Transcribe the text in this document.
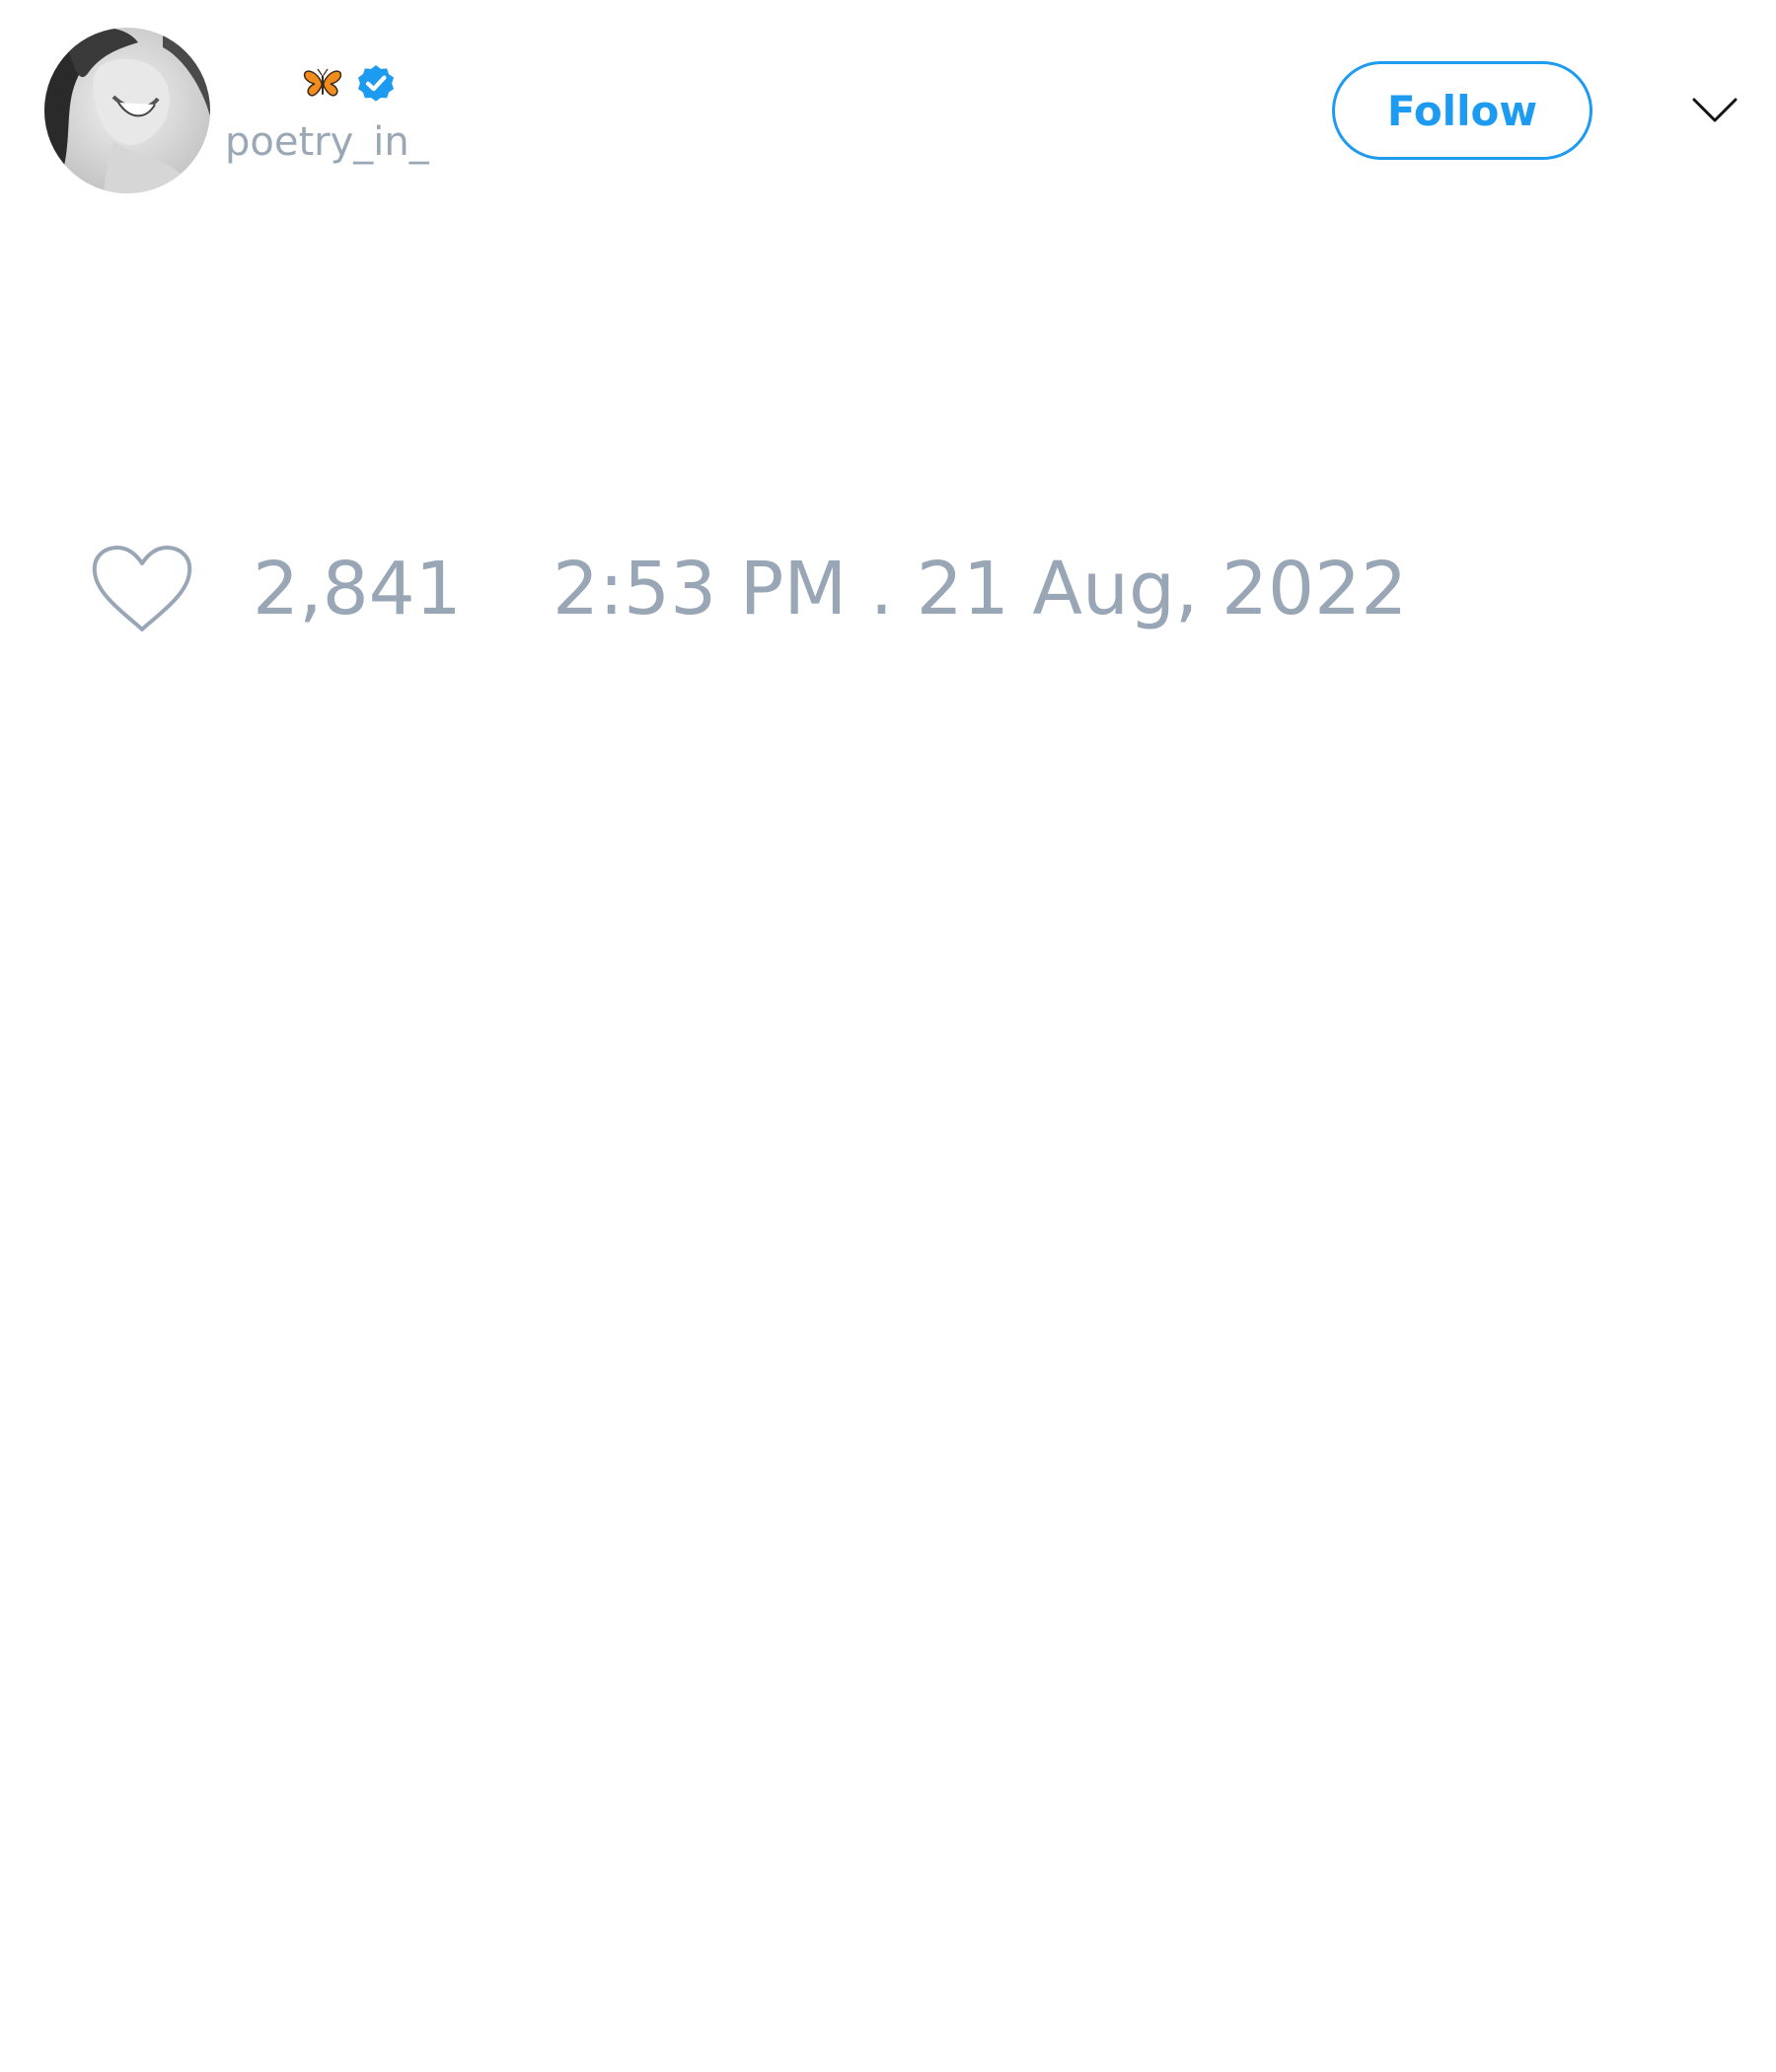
poetry_in_
Follow
2,841 2:53 PM . 21 Aug, 2022
